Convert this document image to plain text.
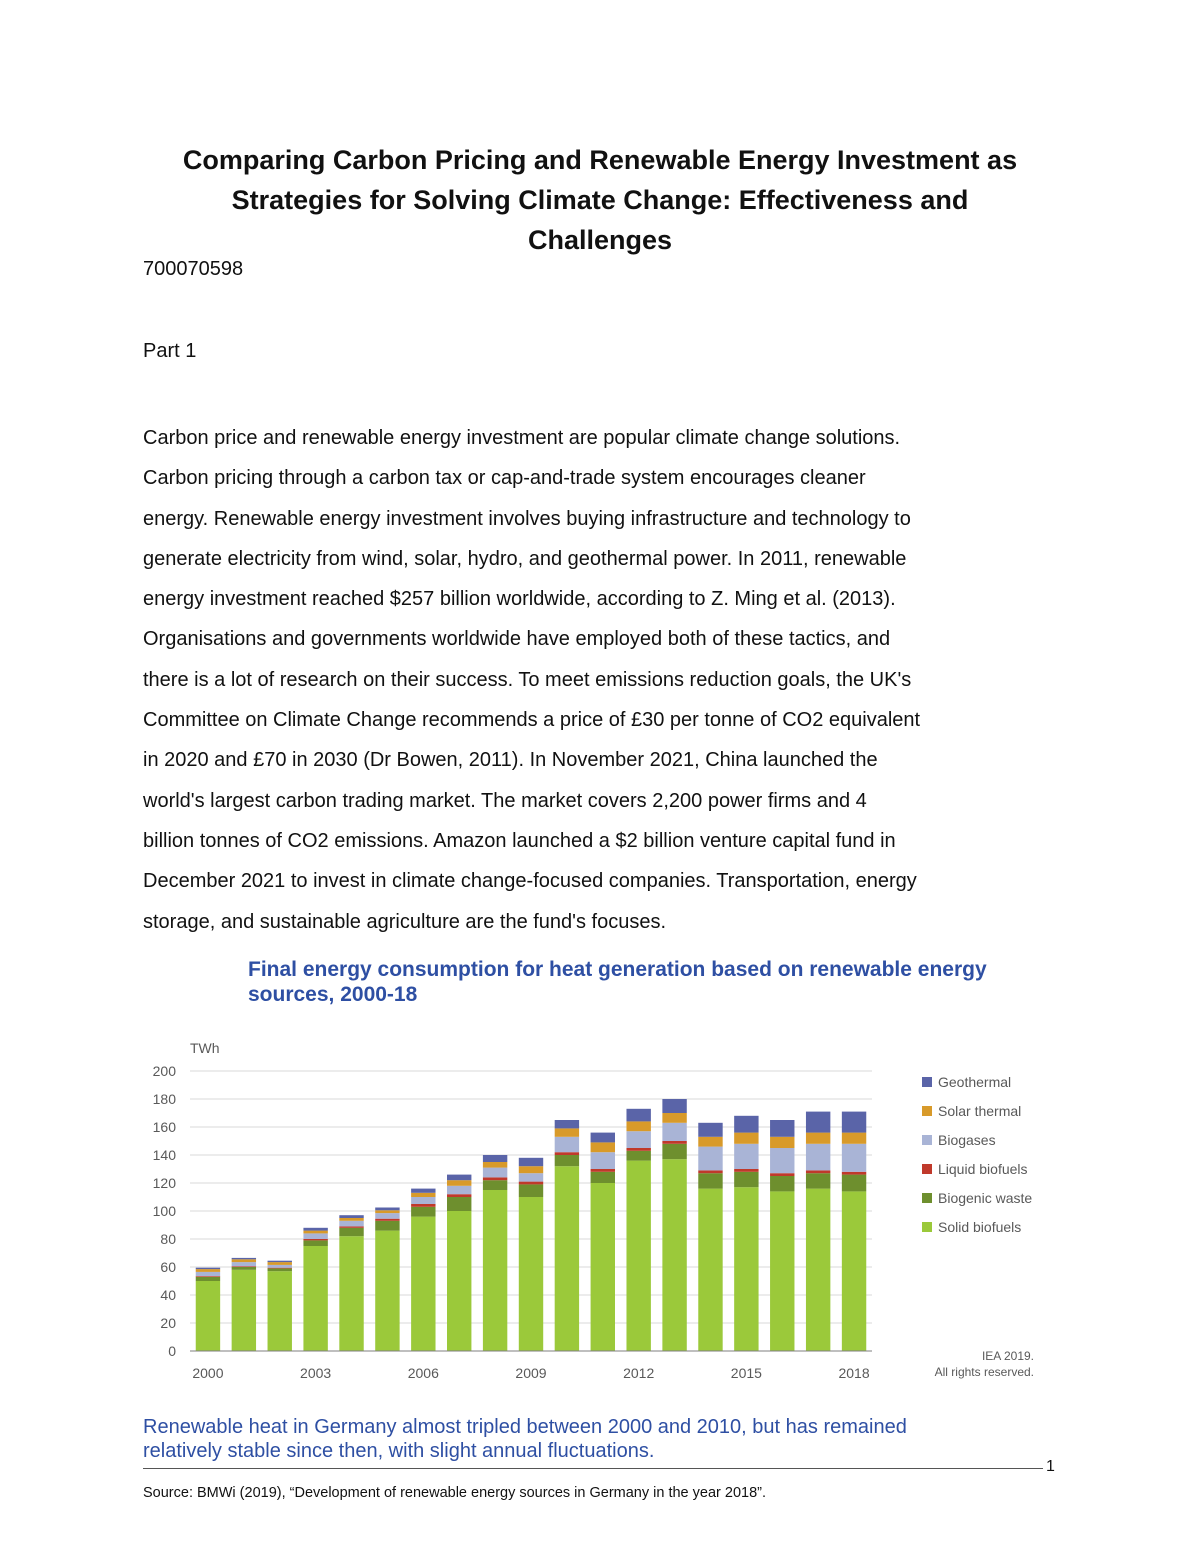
Comparing Carbon Pricing and Renewable Energy Investment as
Strategies for Solving Climate Change: Effectiveness and
Challenges

700070598

Part 1

Carbon price and renewable energy investment are popular climate change solutions.
Carbon pricing through a carbon tax or cap-and-trade system encourages cleaner
energy. Renewable energy investment involves buying infrastructure and technology to
generate electricity from wind, solar, hydro, and geothermal power. In 2011, renewable
energy investment reached $257 billion worldwide, according to Z. Ming et al. (2013).
Organisations and governments worldwide have employed both of these tactics, and
there is a lot of research on their success. To meet emissions reduction goals, the UK's
Committee on Climate Change recommends a price of £30 per tonne of CO2 equivalent
in 2020 and £70 in 2030 (Dr Bowen, 2011). In November 2021, China launched the
world's largest carbon trading market. The market covers 2,200 power firms and 4
billion tonnes of CO2 emissions. Amazon launched a $2 billion venture capital fund in
December 2021 to invest in climate change-focused companies. Transportation, energy
storage, and sustainable agriculture are the fund's focuses.

Final energy consumption for heat generation based on renewable energy
sources, 2000-18
TWh
0
20
40
60
80
100
120
140
160
180
200
2000	2003	2006	2009	2012	2015	2018
Geothermal
Solar thermal
Biogases
Liquid biofuels
Biogenic waste
Solid biofuels
IEA 2019.
All rights reserved.
Renewable heat in Germany almost tripled between 2000 and 2010, but has remained
relatively stable since then, with slight annual fluctuations.

1

Source: BMWi (2019), “Development of renewable energy sources in Germany in the year 2018”.
